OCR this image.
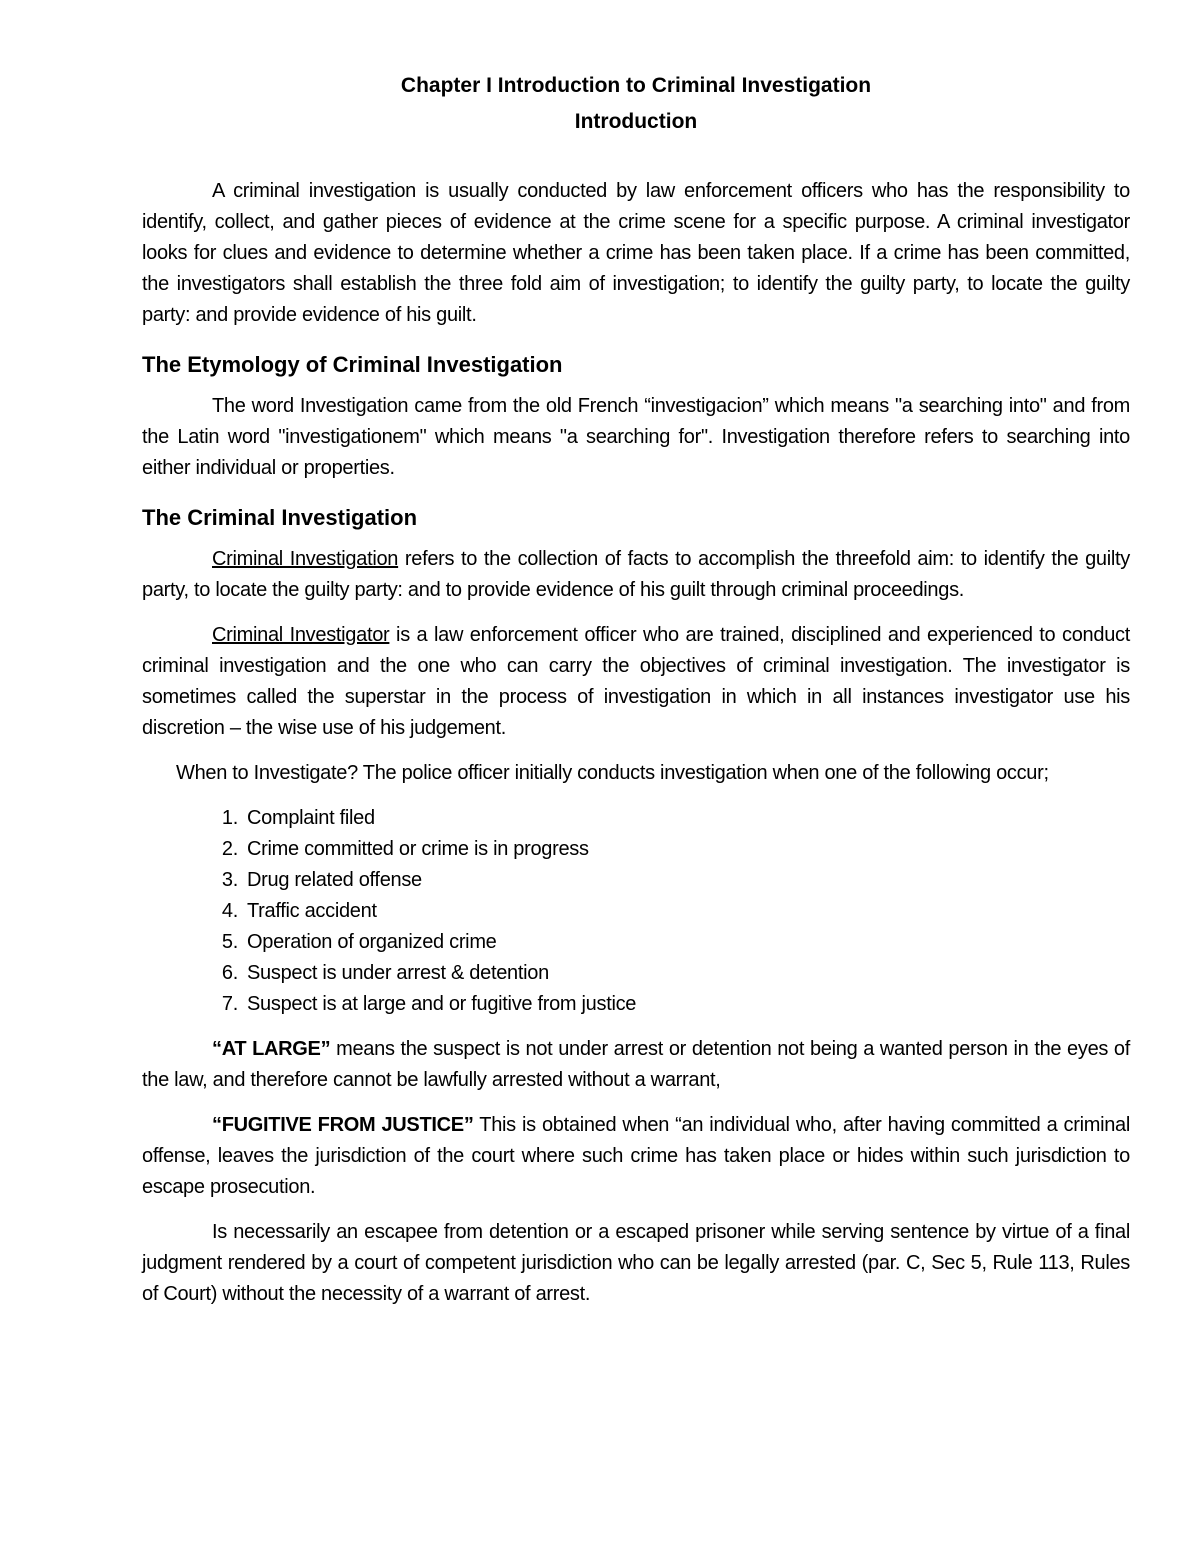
Chapter I Introduction to Criminal Investigation

Introduction

A criminal investigation is usually conducted by law enforcement officers who has the responsibility to identify, collect, and gather pieces of evidence at the crime scene for a specific purpose. A criminal investigator looks for clues and evidence to determine whether a crime has been taken place. If a crime has been committed, the investigators shall establish the three fold aim of investigation; to identify the guilty party, to locate the guilty party: and provide evidence of his guilt.

The Etymology of Criminal Investigation

The word Investigation came from the old French “investigacion” which means "a searching into" and from the Latin word "investigationem" which means "a searching for". Investigation therefore refers to searching into either individual or properties.

The Criminal Investigation

Criminal Investigation refers to the collection of facts to accomplish the threefold aim: to identify the guilty party, to locate the guilty party: and to provide evidence of his guilt through criminal proceedings.

Criminal Investigator is a law enforcement officer who are trained, disciplined and experienced to conduct criminal investigation and the one who can carry the objectives of criminal investigation. The investigator is sometimes called the superstar in the process of investigation in which in all instances investigator use his discretion – the wise use of his judgement.

When to Investigate? The police officer initially conducts investigation when one of the following occur;

1. Complaint filed
2. Crime committed or crime is in progress
3. Drug related offense
4. Traffic accident
5. Operation of organized crime
6. Suspect is under arrest & detention
7. Suspect is at large and or fugitive from justice

“AT LARGE” means the suspect is not under arrest or detention not being a wanted person in the eyes of the law, and therefore cannot be lawfully arrested without a warrant,

“FUGITIVE FROM JUSTICE” This is obtained when “an individual who, after having committed a criminal offense, leaves the jurisdiction of the court where such crime has taken place or hides within such jurisdiction to escape prosecution.

Is necessarily an escapee from detention or a escaped prisoner while serving sentence by virtue of a final judgment rendered by a court of competent jurisdiction who can be legally arrested (par. C, Sec 5, Rule 113, Rules of Court) without the necessity of a warrant of arrest.
